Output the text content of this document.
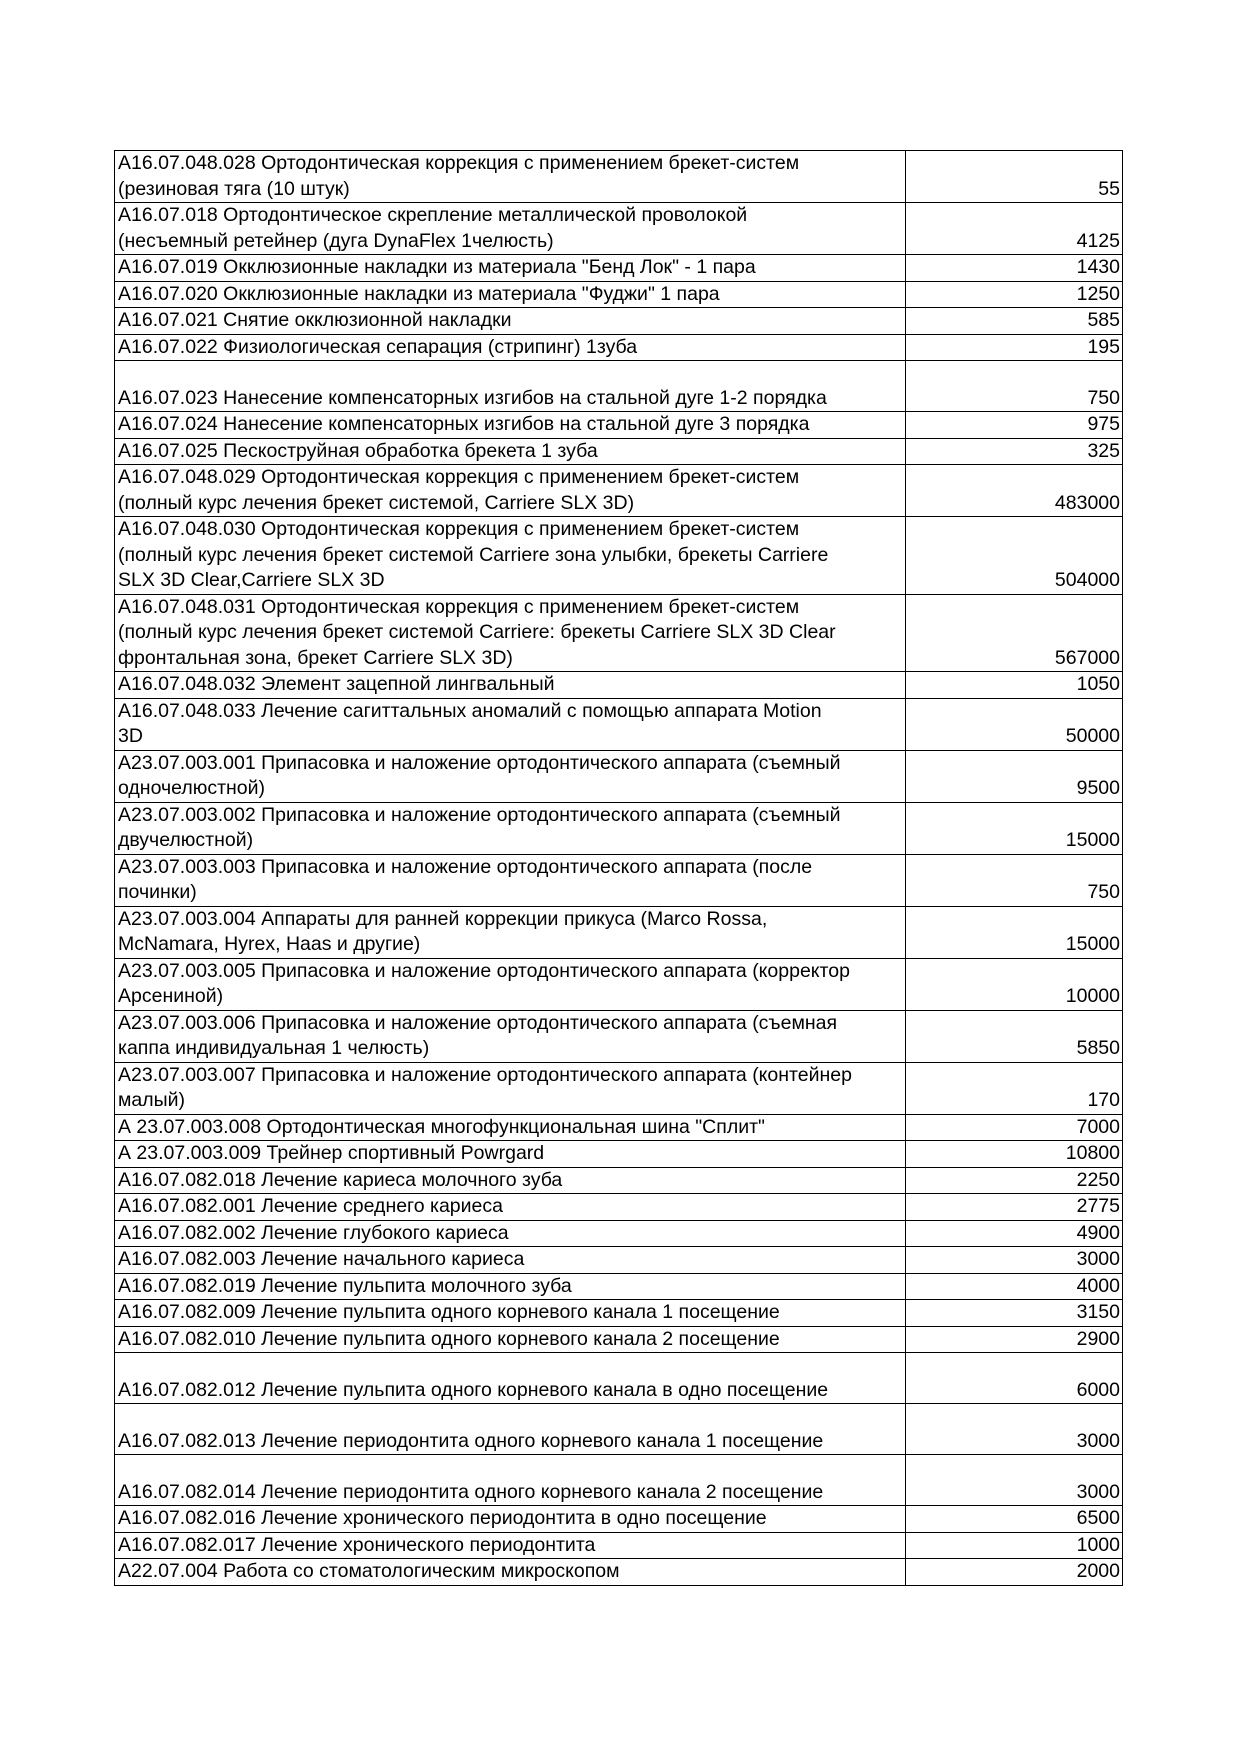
A16.07.048.028 Ортодонтическая коррекция с применением брекет-систем
(резиновая тяга (10 штук)	55
A16.07.018 Ортодонтическое скрепление металлической проволокой
(несъемный ретейнер (дуга DynaFlex 1челюсть)	4125
A16.07.019 Окклюзионные накладки из материала "Бенд Лок" - 1 пара	1430
A16.07.020 Окклюзионные накладки из материала "Фуджи" 1 пара	1250
A16.07.021 Снятие окклюзионной накладки	585
A16.07.022 Физиологическая сепарация (стрипинг) 1зуба	195
A16.07.023 Нанесение компенсаторных изгибов на стальной дуге 1-2 порядка	750
A16.07.024 Нанесение компенсаторных изгибов на стальной дуге 3 порядка	975
A16.07.025 Пескоструйная обработка брекета 1 зуба	325
A16.07.048.029 Ортодонтическая коррекция с применением брекет-систем
(полный курс лечения брекет системой, Carriere SLX 3D)	483000
A16.07.048.030 Ортодонтическая коррекция с применением брекет-систем
(полный курс лечения брекет системой Carriere зона улыбки, брекеты Carriere
SLX 3D Clear,Carriere SLX 3D	504000
A16.07.048.031 Ортодонтическая коррекция с применением брекет-систем
(полный курс лечения брекет системой Carriere: брекеты Carriere SLX 3D Clear
фронтальная зона, брекет Carriere SLX 3D)	567000
A16.07.048.032 Элемент зацепной лингвальный	1050
A16.07.048.033 Лечение сагиттальных аномалий с помощью аппарата Motion
3D	50000
A23.07.003.001 Припасовка и наложение ортодонтического аппарата (съемный
одночелюстной)	9500
A23.07.003.002 Припасовка и наложение ортодонтического аппарата (съемный
двучелюстной)	15000
A23.07.003.003 Припасовка и наложение ортодонтического аппарата (после
починки)	750
A23.07.003.004 Аппараты для ранней коррекции прикуса (Marco Rossa,
McNamara, Hyrex, Haas и другие)	15000
A23.07.003.005 Припасовка и наложение ортодонтического аппарата (корректор
Арсениной)	10000
A23.07.003.006 Припасовка и наложение ортодонтического аппарата (съемная
каппа индивидуальная 1 челюсть)	5850
A23.07.003.007 Припасовка и наложение ортодонтического аппарата (контейнер
малый)	170
А 23.07.003.008 Ортодонтическая многофункциональная шина "Сплит"	7000
А 23.07.003.009 Трейнер спортивный Powrgard	10800
A16.07.082.018 Лечение кариеса молочного зуба	2250
A16.07.082.001 Лечение среднего кариеса	2775
A16.07.082.002 Лечение глубокого кариеса	4900
A16.07.082.003 Лечение начального кариеса	3000
A16.07.082.019 Лечение пульпита молочного зуба	4000
A16.07.082.009 Лечение пульпита одного корневого канала 1 посещение	3150
A16.07.082.010 Лечение пульпита одного корневого канала 2 посещение	2900
A16.07.082.012 Лечение пульпита одного корневого канала в одно посещение	6000
A16.07.082.013 Лечение периодонтита одного корневого канала 1 посещение	3000
A16.07.082.014 Лечение периодонтита одного корневого канала 2 посещение	3000
A16.07.082.016 Лечение хронического периодонтита в одно посещение	6500
A16.07.082.017 Лечение хронического периодонтита	1000
A22.07.004 Работа со стоматологическим микроскопом	2000
